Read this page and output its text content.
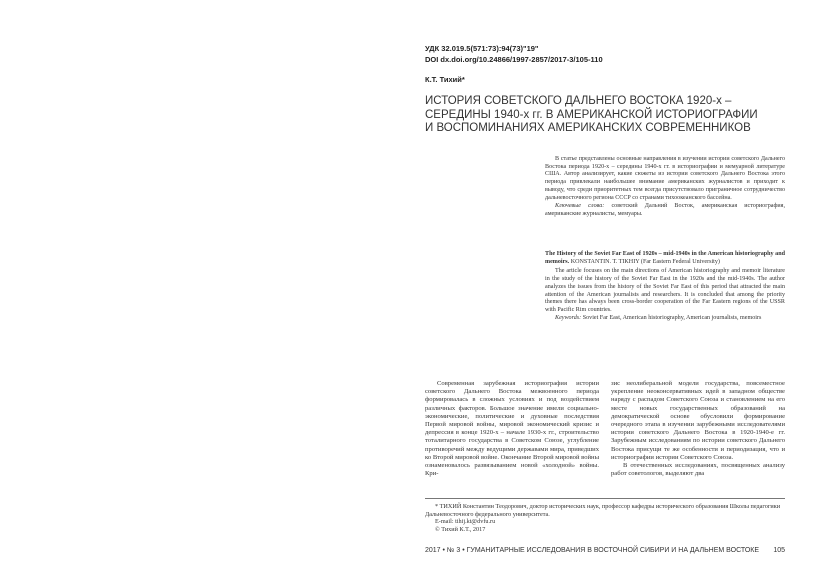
УДК 32.019.5(571:73):94(73)"19"
DOI dx.doi.org/10.24866/1997-2857/2017-3/105-110
К.Т. Тихий*
ИСТОРИЯ СОВЕТСКОГО ДАЛЬНЕГО ВОСТОКА 1920-х –
СЕРЕДИНЫ 1940-х гг. В АМЕРИКАНСКОЙ ИСТОРИОГРАФИИ
И ВОСПОМИНАНИЯХ АМЕРИКАНСКИХ СОВРЕМЕННИКОВ

В статье представлены основные направления в изучении истории советского Дальнего Востока периода 1920-х – середины 1940-х гг. в историографии и мемуарной литературе США. Автор анализирует, какие сюжеты из истории советского Дальнего Востока этого периода привлекали наибольшее внимание американских журналистов и приходит к выводу, что среди приоритетных тем всегда присутствовало приграничное сотрудничество дальневосточного региона СССР со странами тихоокеанского бассейна.

Ключевые слова: советский Дальний Восток, американская историография, американские журналисты, мемуары.

The History of the Soviet Far East of 1920s – mid-1940s in the American historiography and memoirs. KONSTANTIN. T. TIKHIY (Far Eastern Federal University)

The article focuses on the main directions of American historiography and memoir literature in the study of the history of the Soviet Far East in the 1920s and the mid-1940s. The author analyzes the issues from the history of the Soviet Far East of this period that attracted the main attention of the American journalists and researchers. It is concluded that among the priority themes there has always been cross-border cooperation of the Far Eastern regions of the USSR with Pacific Rim countries.

Keywords: Soviet Far East, American historiography, American journalists, memoirs

Современная зарубежная историография истории советского Дальнего Востока межвоенного периода формировалась в сложных условиях и под воздействием различных факторов. Большое значение имели социально-экономические, политические и духовные последствия Первой мировой войны, мировой экономический кризис и депрессия в конце 1920-х – начале 1930-х гг., строительство тоталитарного государства в Советском Союзе, углубление противоречий между ведущими державами мира, приведших ко Второй мировой войне. Окончание Второй мировой войны ознаменовалось развязыванием новой «холодной» войны. Кри-

зис неолиберальной модели государства, повсеместное укрепление неоконсервативных идей в западном обществе наряду с распадом Советского Союза и становлением на его месте новых государственных образований на демократической основе обусловили формирование очередного этапа в изучении зарубежными исследователями истории советского Дальнего Востока в 1920-1940-е гг. Зарубежным исследованиям по истории советского Дальнего Востока присущи те же особенности и периодизация, что и историографии истории Советского Союза.

В отечественных исследованиях, посвященных анализу работ советологов, выделяют два

* ТИХИЙ Константин Теодорович, доктор исторических наук, профессор кафедры исторического образования Школы педагогики Дальневосточного федерального университета.
E-mail: tihij.kt@dvfu.ru
© Тихий К.Т., 2017
2017 • № 3 • ГУМАНИТАРНЫЕ ИССЛЕДОВАНИЯ В ВОСТОЧНОЙ СИБИРИ И НА ДАЛЬНЕМ ВОСТОКЕ 105
